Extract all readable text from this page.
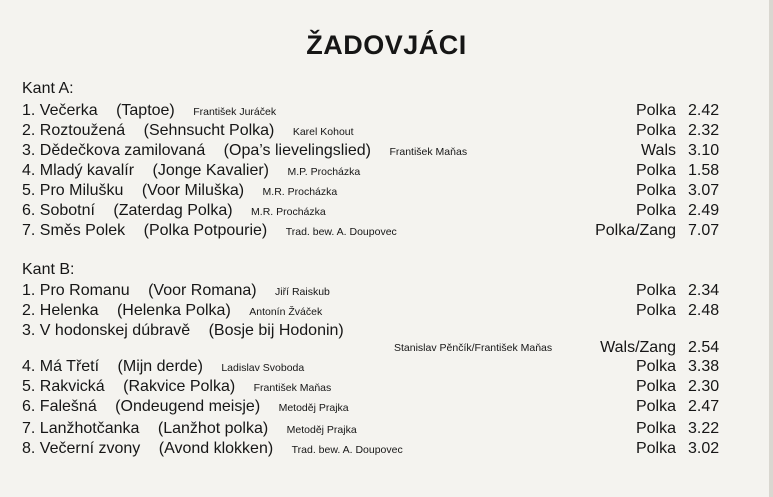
ŽADOVJÁCI
Kant A:
1. Večerka (Taptoe) František Juráček	Polka 2.42
2. Roztoužená (Sehnsucht Polka) Karel Kohout	Polka 2.32
3. Dědečkova zamilovaná (Opa’s lievelingslied) František Maňas	Wals 3.10
4. Mladý kavalír (Jonge Kavalier) M.P. Procházka	Polka 1.58
5. Pro Milušku (Voor Miluška) M.R. Procházka	Polka 3.07
6. Sobotní (Zaterdag Polka) M.R. Procházka	Polka 2.49
7. Směs Polek (Polka Potpourie) Trad. bew. A. Doupovec	Polka/Zang 7.07
Kant B:
1. Pro Romanu (Voor Romana) Jiří Raiskub	Polka 2.34
2. Helenka (Helenka Polka) Antonín Žváček	Polka 2.48
3. V hodonskej dúbravě (Bosje bij Hodonin)
Stanislav Pěnčík/František Maňas	Wals/Zang 2.54
4. Má Třetí (Mijn derde) Ladislav Svoboda	Polka 3.38
5. Rakvická (Rakvice Polka) František Maňas	Polka 2.30
6. Falešná (Ondeugend meisje) Metoděj Prajka	Polka 2.47
7. Lanžhotčanka (Lanžhot polka) Metoděj Prajka	Polka 3.22
8. Večerní zvony (Avond klokken) Trad. bew. A. Doupovec	Polka 3.02
